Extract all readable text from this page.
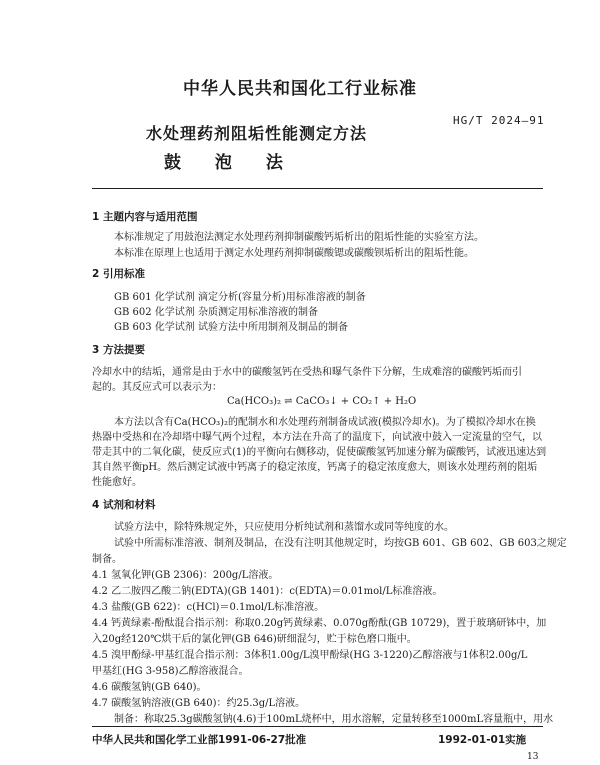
中华人民共和国化工行业标准
水处理药剂阻垢性能测定方法
鼓 泡 法
HG/T 2024—91
1 主题内容与适用范围
本标准规定了用鼓泡法测定水处理药剂抑制碳酸钙垢析出的阻垢性能的实验室方法。
本标准在原理上也适用于测定水处理药剂抑制碳酸锶或碳酸钡垢析出的阻垢性能。
2 引用标准
GB 601 化学试剂 滴定分析(容量分析)用标准溶液的制备
GB 602 化学试剂 杂质测定用标准溶液的制备
GB 603 化学试剂 试验方法中所用制剂及制品的制备
3 方法提要
冷却水中的结垢，通常是由于水中的碳酸氢钙在受热和曝气条件下分解，生成难溶的碳酸钙垢而引
起的。其反应式可以表示为：
Ca(HCO₃)₂ ⇌ CaCO₃↓ + CO₂↑ + H₂O
本方法以含有Ca(HCO₃)₂的配制水和水处理药剂制备成试液(模拟冷却水)。为了模拟冷却水在换
热器中受热和在冷却塔中曝气两个过程，本方法在升高了的温度下，向试液中鼓入一定流量的空气，以
带走其中的二氧化碳，使反应式(1)的平衡向右侧移动，促使碳酸氢钙加速分解为碳酸钙，试液迅速达到
其自然平衡pH。然后测定试液中钙离子的稳定浓度，钙离子的稳定浓度愈大，则该水处理药剂的阻垢
性能愈好。
4 试剂和材料
试验方法中，除特殊规定外，只应使用分析纯试剂和蒸馏水或同等纯度的水。
试验中所需标准溶液、制剂及制品，在没有注明其他规定时，均按GB 601、GB 602、GB 603之规定
制备。
4.1 氢氧化钾(GB 2306)：200g/L溶液。
4.2 乙二胺四乙酸二钠(EDTA)(GB 1401)：c(EDTA)＝0.01mol/L标准溶液。
4.3 盐酸(GB 622)：c(HCl)＝0.1mol/L标准溶液。
4.4 钙黄绿素-酚酞混合指示剂：称取0.20g钙黄绿素、0.070g酚酞(GB 10729)，置于玻璃研钵中，加
入20g经120℃烘干后的氯化钾(GB 646)研细混匀，贮于棕色磨口瓶中。
4.5 溴甲酚绿-甲基红混合指示剂：3体积1.00g/L溴甲酚绿(HG 3-1220)乙醇溶液与1体积2.00g/L
甲基红(HG 3-958)乙醇溶液混合。
4.6 碳酸氢钠(GB 640)。
4.7 碳酸氢钠溶液(GB 640)：约25.3g/L溶液。
制备：称取25.3g碳酸氢钠(4.6)于100mL烧杯中，用水溶解，定量转移至1000mL容量瓶中，用水
中华人民共和国化学工业部1991-06-27批准	1992-01-01实施
13
